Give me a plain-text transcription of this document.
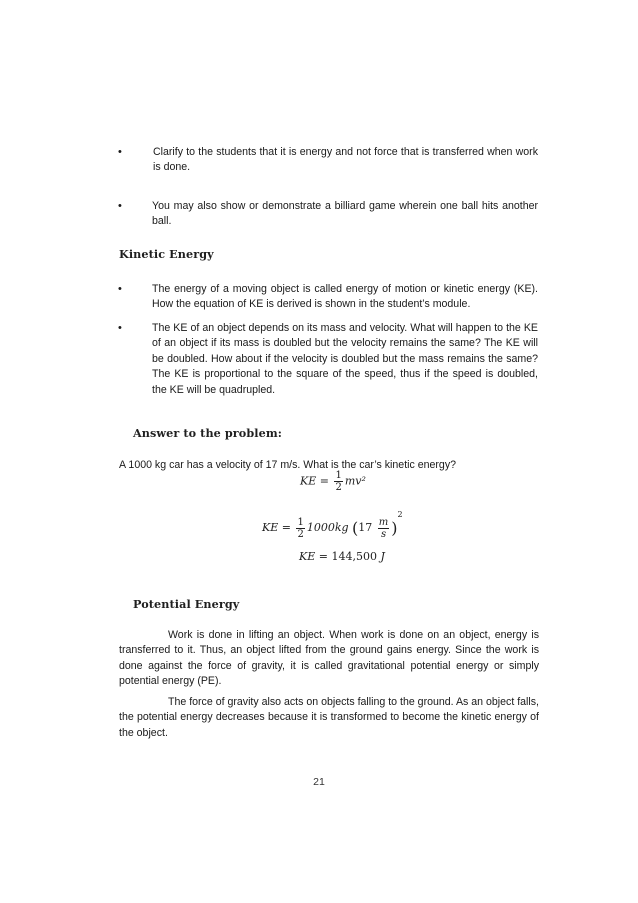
• Clarify to the students that it is energy and not force that is transferred when work is done.
• You may also show or demonstrate a billiard game wherein one ball hits another ball.
Kinetic Energy
• The energy of a moving object is called energy of motion or kinetic energy (KE). How the equation of KE is derived is shown in the student’s module.
• The KE of an object depends on its mass and velocity. What will happen to the KE of an object if its mass is doubled but the velocity remains the same? The KE will be doubled. How about if the velocity is doubled but the mass remains the same? The KE is proportional to the square of the speed, thus if the speed is doubled, the KE will be quadrupled.
Answer to the problem:
A 1000 kg car has a velocity of 17 m/s. What is the car’s kinetic energy?
KE = $\frac{1}{2} mv^2$
KE = $\frac{1}{2} 1000kg$ $(17 \frac{m}{s} )^2$
KE = 144,500 J
Potential Energy
Work is done in lifting an object. When work is done on an object, energy is transferred to it. Thus, an object lifted from the ground gains energy. Since the work is done against the force of gravity, it is called gravitational potential energy or simply potential energy (PE).
The force of gravity also acts on objects falling to the ground. As an object falls, the potential energy decreases because it is transformed to become the kinetic energy of the object.
21
